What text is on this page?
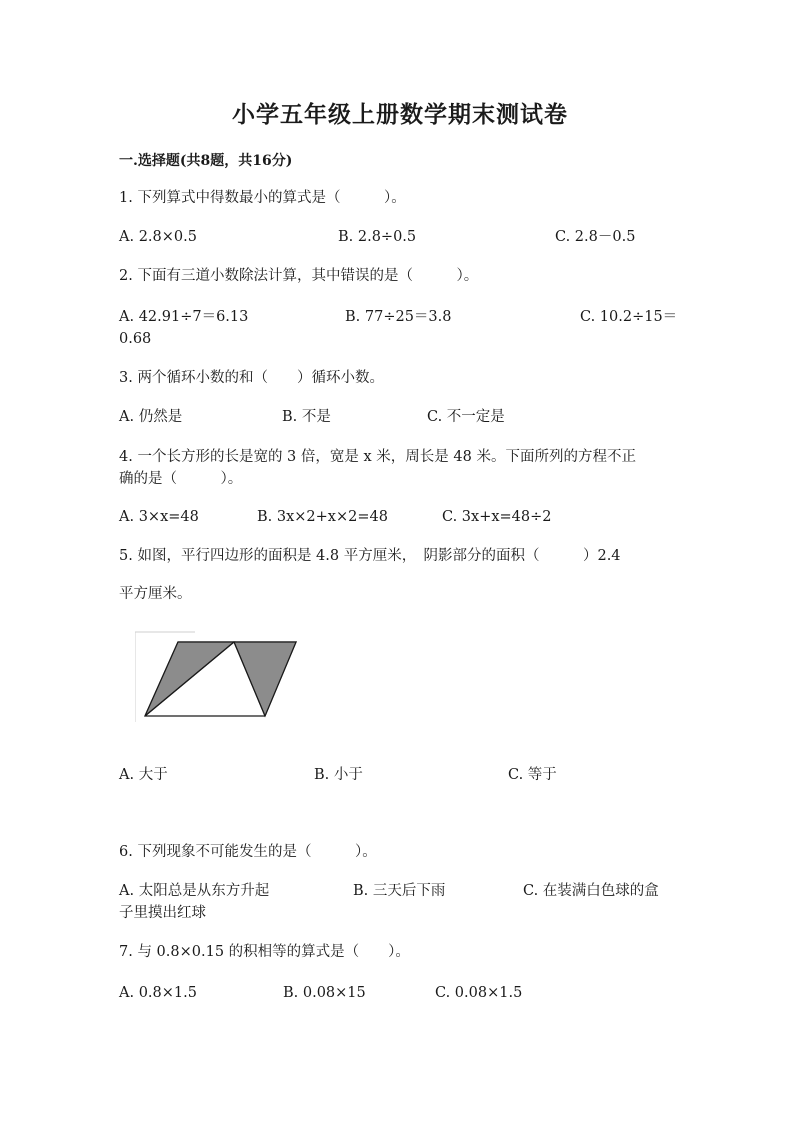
小学五年级上册数学期末测试卷
一.选择题(共8题，共16分)
1. 下列算式中得数最小的算式是（　　　）。
A. 2.8×0.5	B. 2.8÷0.5	C. 2.8－0.5
2. 下面有三道小数除法计算，其中错误的是（　　　）。
A. 42.91÷7＝6.13	B. 77÷25＝3.8	C. 10.2÷15＝
0.68
3. 两个循环小数的和（　　）循环小数。
A. 仍然是	B. 不是	C. 不一定是
4. 一个长方形的长是宽的 3 倍，宽是 x 米，周长是 48 米。下面所列的方程不正
确的是（　　　）。
A. 3×x=48	B. 3x×2+x×2=48	C. 3x+x=48÷2
5. 如图，平行四边形的面积是 4.8 平方厘米，　阴影部分的面积（　　　）2.4
平方厘米。
A. 大于	B. 小于	C. 等于
6. 下列现象不可能发生的是（　　　）。
A. 太阳总是从东方升起	B. 三天后下雨	C. 在装满白色球的盒
子里摸出红球
7. 与 0.8×0.15 的积相等的算式是（　　）。
A. 0.8×1.5	B. 0.08×15	C. 0.08×1.5
